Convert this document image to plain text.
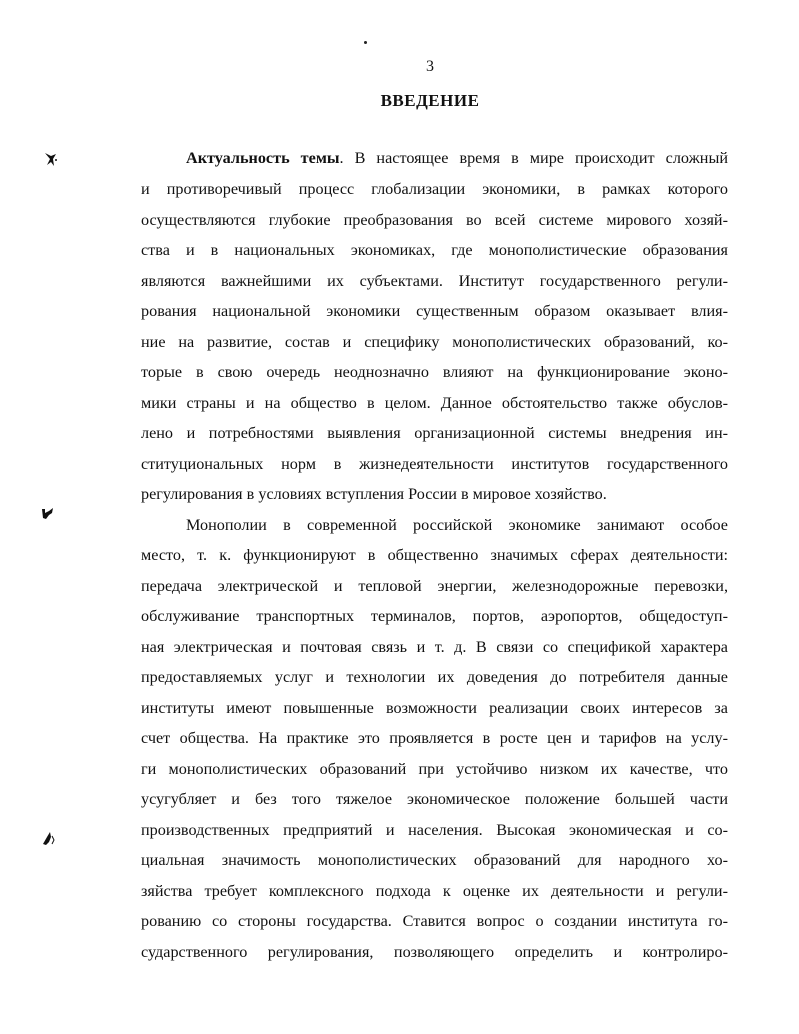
3
ВВЕДЕНИЕ
Актуальность темы. В настоящее время в мире происходит сложный
и противоречивый процесс глобализации экономики, в рамках которого
осуществляются глубокие преобразования во всей системе мирового хозяй-
ства и в национальных экономиках, где монополистические образования
являются важнейшими их субъектами. Институт государственного регули-
рования национальной экономики существенным образом оказывает влия-
ние на развитие, состав и специфику монополистических образований, ко-
торые в свою очередь неоднозначно влияют на функционирование эконо-
мики страны и на общество в целом. Данное обстоятельство также обуслов-
лено и потребностями выявления организационной системы внедрения ин-
ституциональных норм в жизнедеятельности институтов государственного
регулирования в условиях вступления России в мировое хозяйство.
Монополии в современной российской экономике занимают особое
место, т. к. функционируют в общественно значимых сферах деятельности:
передача электрической и тепловой энергии, железнодорожные перевозки,
обслуживание транспортных терминалов, портов, аэропортов, общедоступ-
ная электрическая и почтовая связь и т. д. В связи со спецификой характера
предоставляемых услуг и технологии их доведения до потребителя данные
институты имеют повышенные возможности реализации своих интересов за
счет общества. На практике это проявляется в росте цен и тарифов на услу-
ги монополистических образований при устойчиво низком их качестве, что
усугубляет и без того тяжелое экономическое положение большей части
производственных предприятий и населения. Высокая экономическая и со-
циальная значимость монополистических образований для народного хо-
зяйства требует комплексного подхода к оценке их деятельности и регули-
рованию со стороны государства. Ставится вопрос о создании института го-
сударственного регулирования, позволяющего определить и контролиро-
